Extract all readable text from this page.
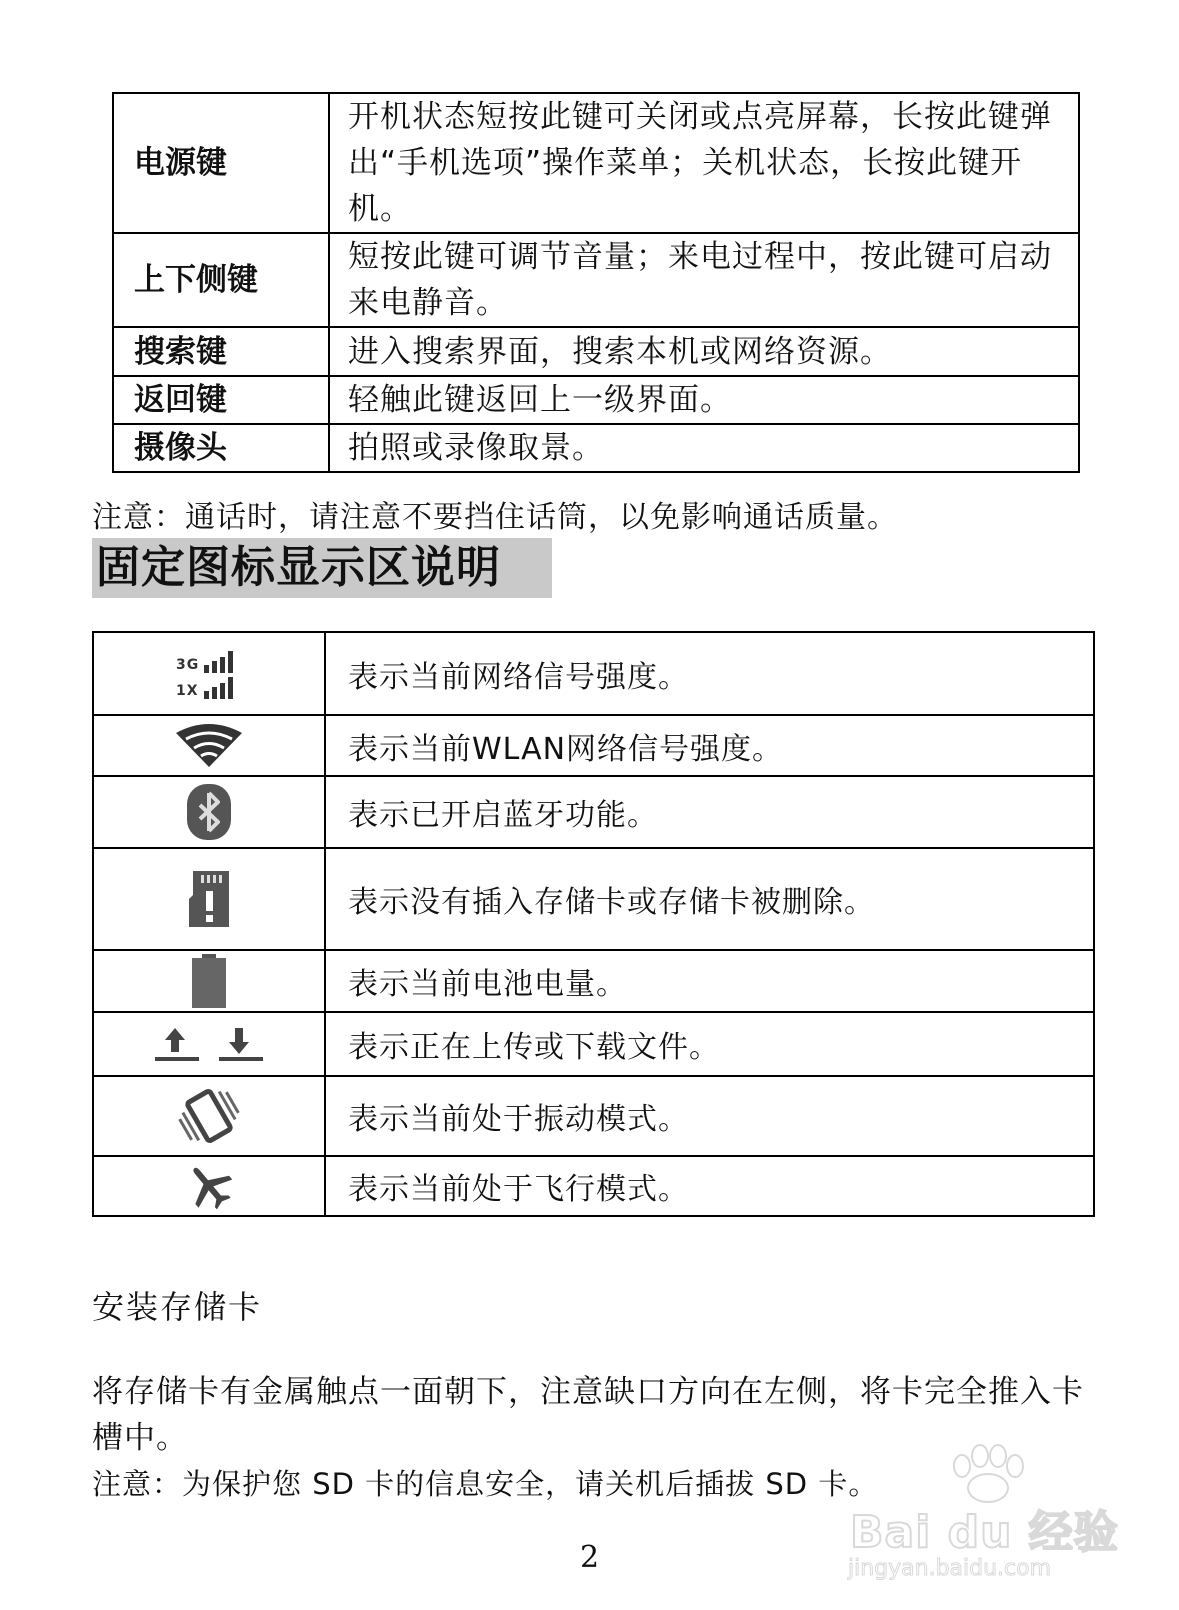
电源键	开机状态短按此键可关闭或点亮屏幕，长按此键弹出“手机选项”操作菜单；关机状态，长按此键开机。
上下侧键	短按此键可调节音量；来电过程中，按此键可启动来电静音。
搜索键	进入搜索界面，搜索本机或网络资源。
返回键	轻触此键返回上一级界面。
摄像头	拍照或录像取景。
注意：通话时，请注意不要挡住话筒，以免影响通话质量。
固定图标显示区说明
3G
1X	表示当前网络信号强度。
	表示当前WLAN网络信号强度。
	表示已开启蓝牙功能。
	表示没有插入存储卡或存储卡被删除。
	表示当前电池电量。
	表示正在上传或下载文件。
	表示当前处于振动模式。
	表示当前处于飞行模式。
安装存储卡
将存储卡有金属触点一面朝下，注意缺口方向在左侧，将卡完全推入卡槽中。
注意：为保护您 SD 卡的信息安全，请关机后插拔 SD 卡。
2	Bai du 经验
jingyan.baidu.com
